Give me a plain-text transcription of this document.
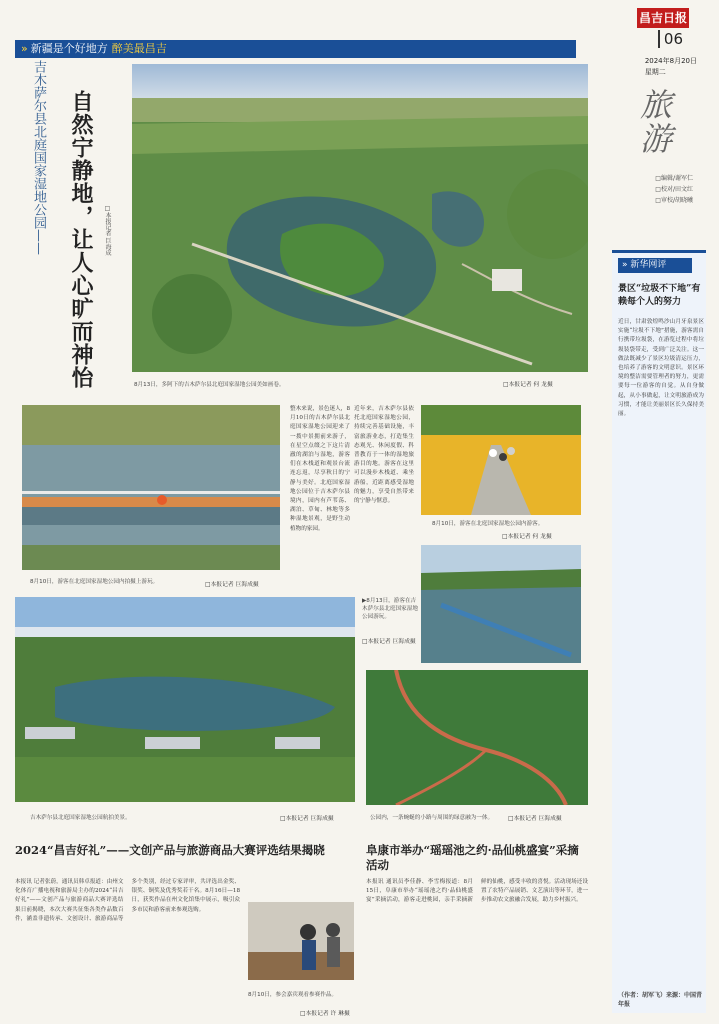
» 新疆是个好地方 醉美最昌吉
昌吉日报
06
2024年8月20日
星期二
旅游
□编辑/谢军仁
□校对/田文红
□审校/胡晓曦
吉木萨尔县北庭国家湿地公园——	自然宁静地，让人心旷而神怡	□本报记者 巨海成
8月13日，多阿下的吉木萨尔县北庭国家湿地公园美如画卷。	□本报记者 何 龙摄
8月10日，游客在北庭国家湿地公园内拍摄上游玩。	□本报记者 巨海成摄
整木来说，景色迷人，8月10日的吉木萨尔县北庭国家湿地公园迎来了一拨中景拥前来游子，在星空点缀之下这片清澈的湖泊与湿地，游客们在木栈道和观景台流连忘返，尽享秋日的宁静与美好。北庭国家湿地公园位于吉木萨尔县境内，园内有芦苇荡、湖泊、草甸、林地等多种湿地景观，是野生动植物的家园。
近年来，吉木萨尔县依托北庭国家湿地公园，持续完善基础设施，丰富旅游业态，打造集生态观光、休闲度假、科普教育于一体的湿地旅游目的地。游客在这里可以漫步木栈道、乘坐游船，近距离感受湿地的魅力，享受自然带来的宁静与惬意。
8月10日，游客在北庭国家湿地公园内游客。
□本报记者 何 龙摄
▶8月13日，游客在吉木萨尔县北庭国家湿地公园游玩。
□本报记者 巨海成摄
吉木萨尔县北庭国家湿地公园航拍美景。	□本报记者 巨海成摄	公园内，一条蜿蜒的小路与周围的绿意融为一体。	□本报记者 巨海成摄
2024“昌吉好礼”——文创产品与旅游商品大赛评选结果揭晓
本报讯 记者张蔚，通讯员韩卓报道：由州文化体育广播电视和旅游局主办的2024“昌吉好礼”——文创产品与旅游商品大赛评选结果日前揭晓，本次大赛共征集各类作品数百件，涵盖非遗传承、文创设计、旅游商品等多个类别，经过专家评审，共评选出金奖、银奖、铜奖及优秀奖若干名。8月16日—18日，获奖作品在州文化馆集中展示，吸引众多市民和游客前来参观选购。
8月10日，参会嘉宾观看参赛作品。
□本报记者 许 琳摄
阜康市举办“瑶瑶池之约·品仙桃盛宴”采摘活动
本报讯 通讯员李佳静、李雪梅报道：8月15日，阜康市举办“瑶瑶池之约·品仙桃盛宴”采摘活动，游客走进桃园，亲手采摘新鲜的仙桃，感受丰收的喜悦。活动现场还设置了农特产品展销、文艺演出等环节，进一步推动农文旅融合发展，助力乡村振兴。
» 新华网评
景区“垃圾不下地”有赖每个人的努力
近日，甘肃敦煌鸣沙山月牙泉景区实施“垃圾不下地”措施，游客需自行携带垃圾袋，在游览过程中将垃圾装袋带走，受到广泛关注。这一做法既减少了景区垃圾清运压力，也培养了游客的文明意识。景区环境的整洁需要管理者的努力，更需要每一位游客的自觉。从自身做起，从小事做起，让文明旅游成为习惯，才能让美丽景区长久保持美丽。
（作者：胡军飞）来源：中国青年报
